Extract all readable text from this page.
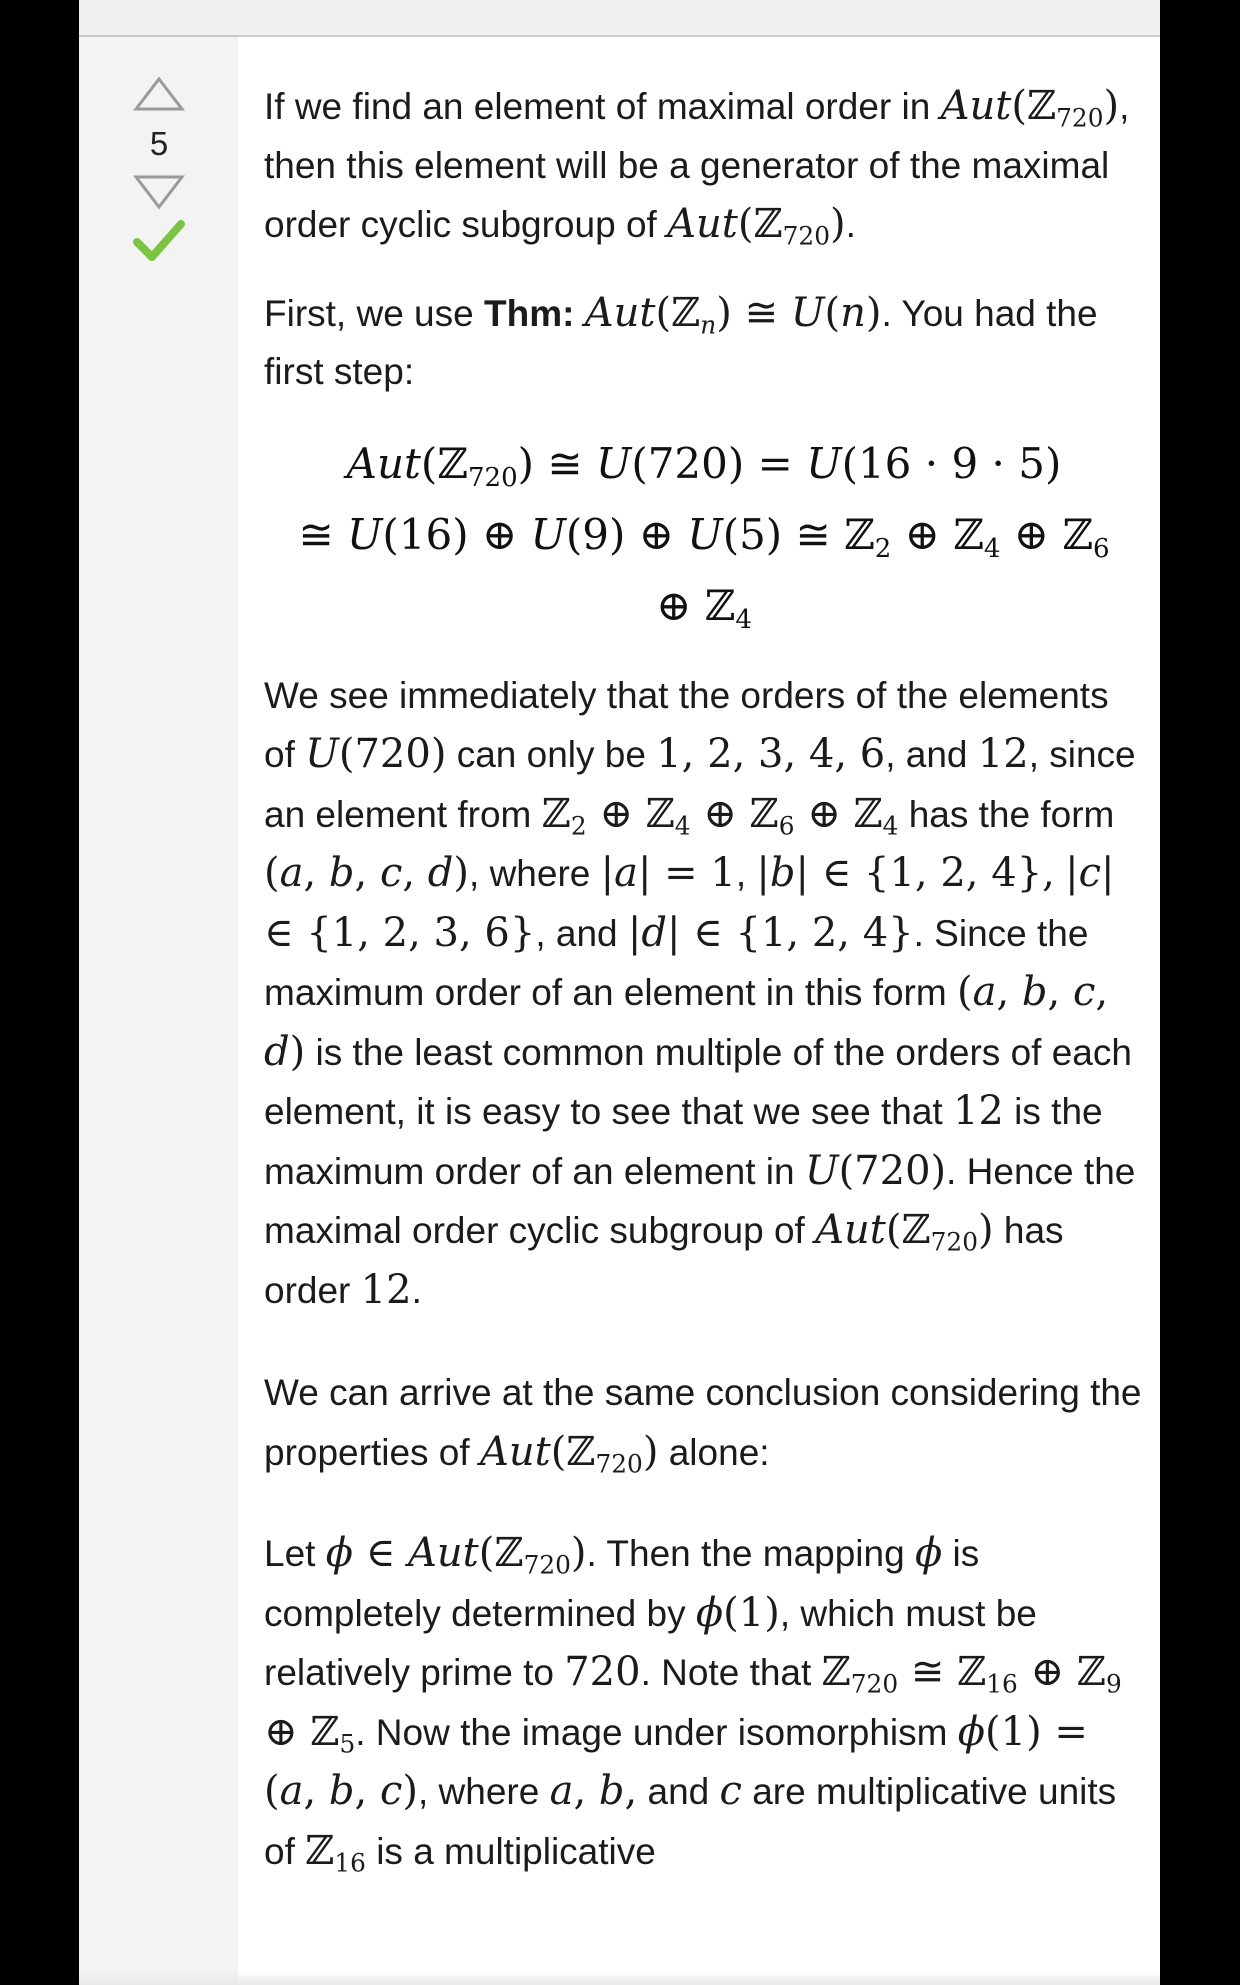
5

If we find an element of maximal order in Aut(ℤ$_{720}$), then this element will be a generator of the maximal order cyclic subgroup of Aut(ℤ$_{720}$).

First, we use Thm: Aut(ℤ$_n$) ≅ U(n). You had the first step:

Aut(ℤ$_{720}$) ≅ U(720) = U(16 · 9 · 5)
≅ U(16) ⊕ U(9) ⊕ U(5) ≅ ℤ$_2$ ⊕ ℤ$_4$ ⊕ ℤ$_6$
⊕ ℤ$_4$

We see immediately that the orders of the elements of U(720) can only be 1, 2, 3, 4, 6, and 12, since an element from ℤ$_2$ ⊕ ℤ$_4$ ⊕ ℤ$_6$ ⊕ ℤ$_4$ has the form (a, b, c, d), where |a| = 1, |b| ∈ {1, 2, 4}, |c| ∈ {1, 2, 3, 6}, and |d| ∈ {1, 2, 4}. Since the maximum order of an element in this form (a, b, c, d) is the least common multiple of the orders of each element, it is easy to see that we see that 12 is the maximum order of an element in U(720). Hence the maximal order cyclic subgroup of Aut(ℤ$_{720}$) has order 12.

We can arrive at the same conclusion considering the properties of Aut(ℤ$_{720}$) alone:

Let ϕ ∈ Aut(ℤ$_{720}$). Then the mapping ϕ is completely determined by ϕ(1), which must be relatively prime to 720. Note that ℤ$_{720}$ ≅ ℤ$_{16}$ ⊕ ℤ$_9$ ⊕ ℤ$_5$. Now the image under isomorphism ϕ(1) = (a, b, c), where a, b, and c are multiplicative units of ℤ$_{16}$ is a multiplicative
